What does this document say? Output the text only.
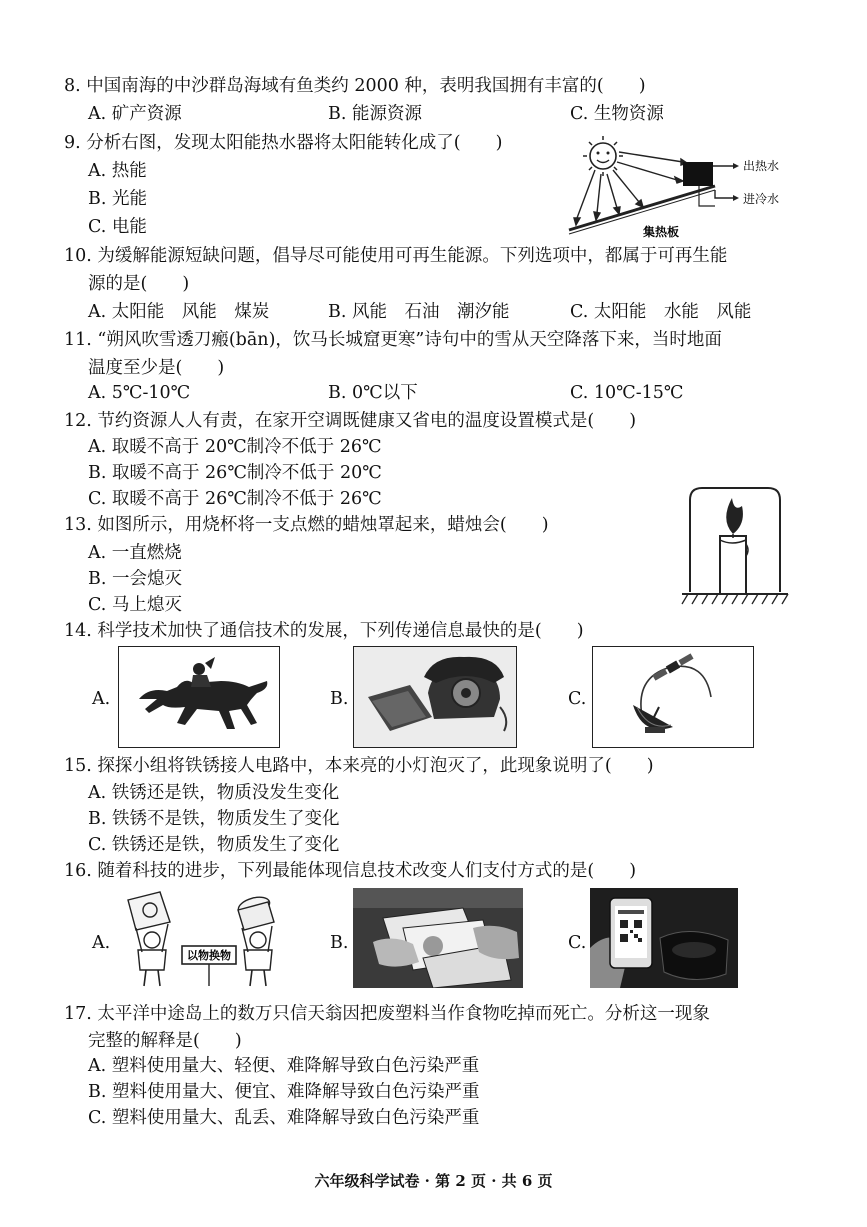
8. 中国南海的中沙群岛海域有鱼类约 2000 种，表明我国拥有丰富的(　　)
A. 矿产资源	B. 能源资源	C. 生物资源
9. 分析右图，发现太阳能热水器将太阳能转化成了(　　)
A. 热能
B. 光能
C. 电能
出热水
进冷水
集热板
10. 为缓解能源短缺问题，倡导尽可能使用可再生能源。下列选项中，都属于可再生能
源的是(　　)
A. 太阳能　风能　煤炭	B. 风能　石油　潮汐能	C. 太阳能　水能　风能
11. “朔风吹雪透刀瘢(bān)，饮马长城窟更寒”诗句中的雪从天空降落下来，当时地面
温度至少是(　　)
A. 5℃-10℃	B. 0℃以下	C. 10℃-15℃
12. 节约资源人人有责，在家开空调既健康又省电的温度设置模式是(　　)
A. 取暖不高于 20℃制冷不低于 26℃
B. 取暖不高于 26℃制冷不低于 20℃
C. 取暖不高于 26℃制冷不低于 26℃
13. 如图所示，用烧杯将一支点燃的蜡烛罩起来，蜡烛会(　　)
A. 一直燃烧
B. 一会熄灭
C. 马上熄灭
14. 科学技术加快了通信技术的发展，下列传递信息最快的是(　　)
A.	B.	C.
15. 探探小组将铁锈接人电路中，本来亮的小灯泡灭了，此现象说明了(　　)
A. 铁锈还是铁，物质没发生变化
B. 铁锈不是铁，物质发生了变化
C. 铁锈还是铁，物质发生了变化
16. 随着科技的进步，下列最能体现信息技术改变人们支付方式的是(　　)
A.	B.	C.
以物换物
17. 太平洋中途岛上的数万只信天翁因把废塑料当作食物吃掉而死亡。分析这一现象
完整的解释是(　　)
A. 塑料使用量大、轻便、难降解导致白色污染严重
B. 塑料使用量大、便宜、难降解导致白色污染严重
C. 塑料使用量大、乱丢、难降解导致白色污染严重
六年级科学试卷 · 第 2 页 · 共 6 页
